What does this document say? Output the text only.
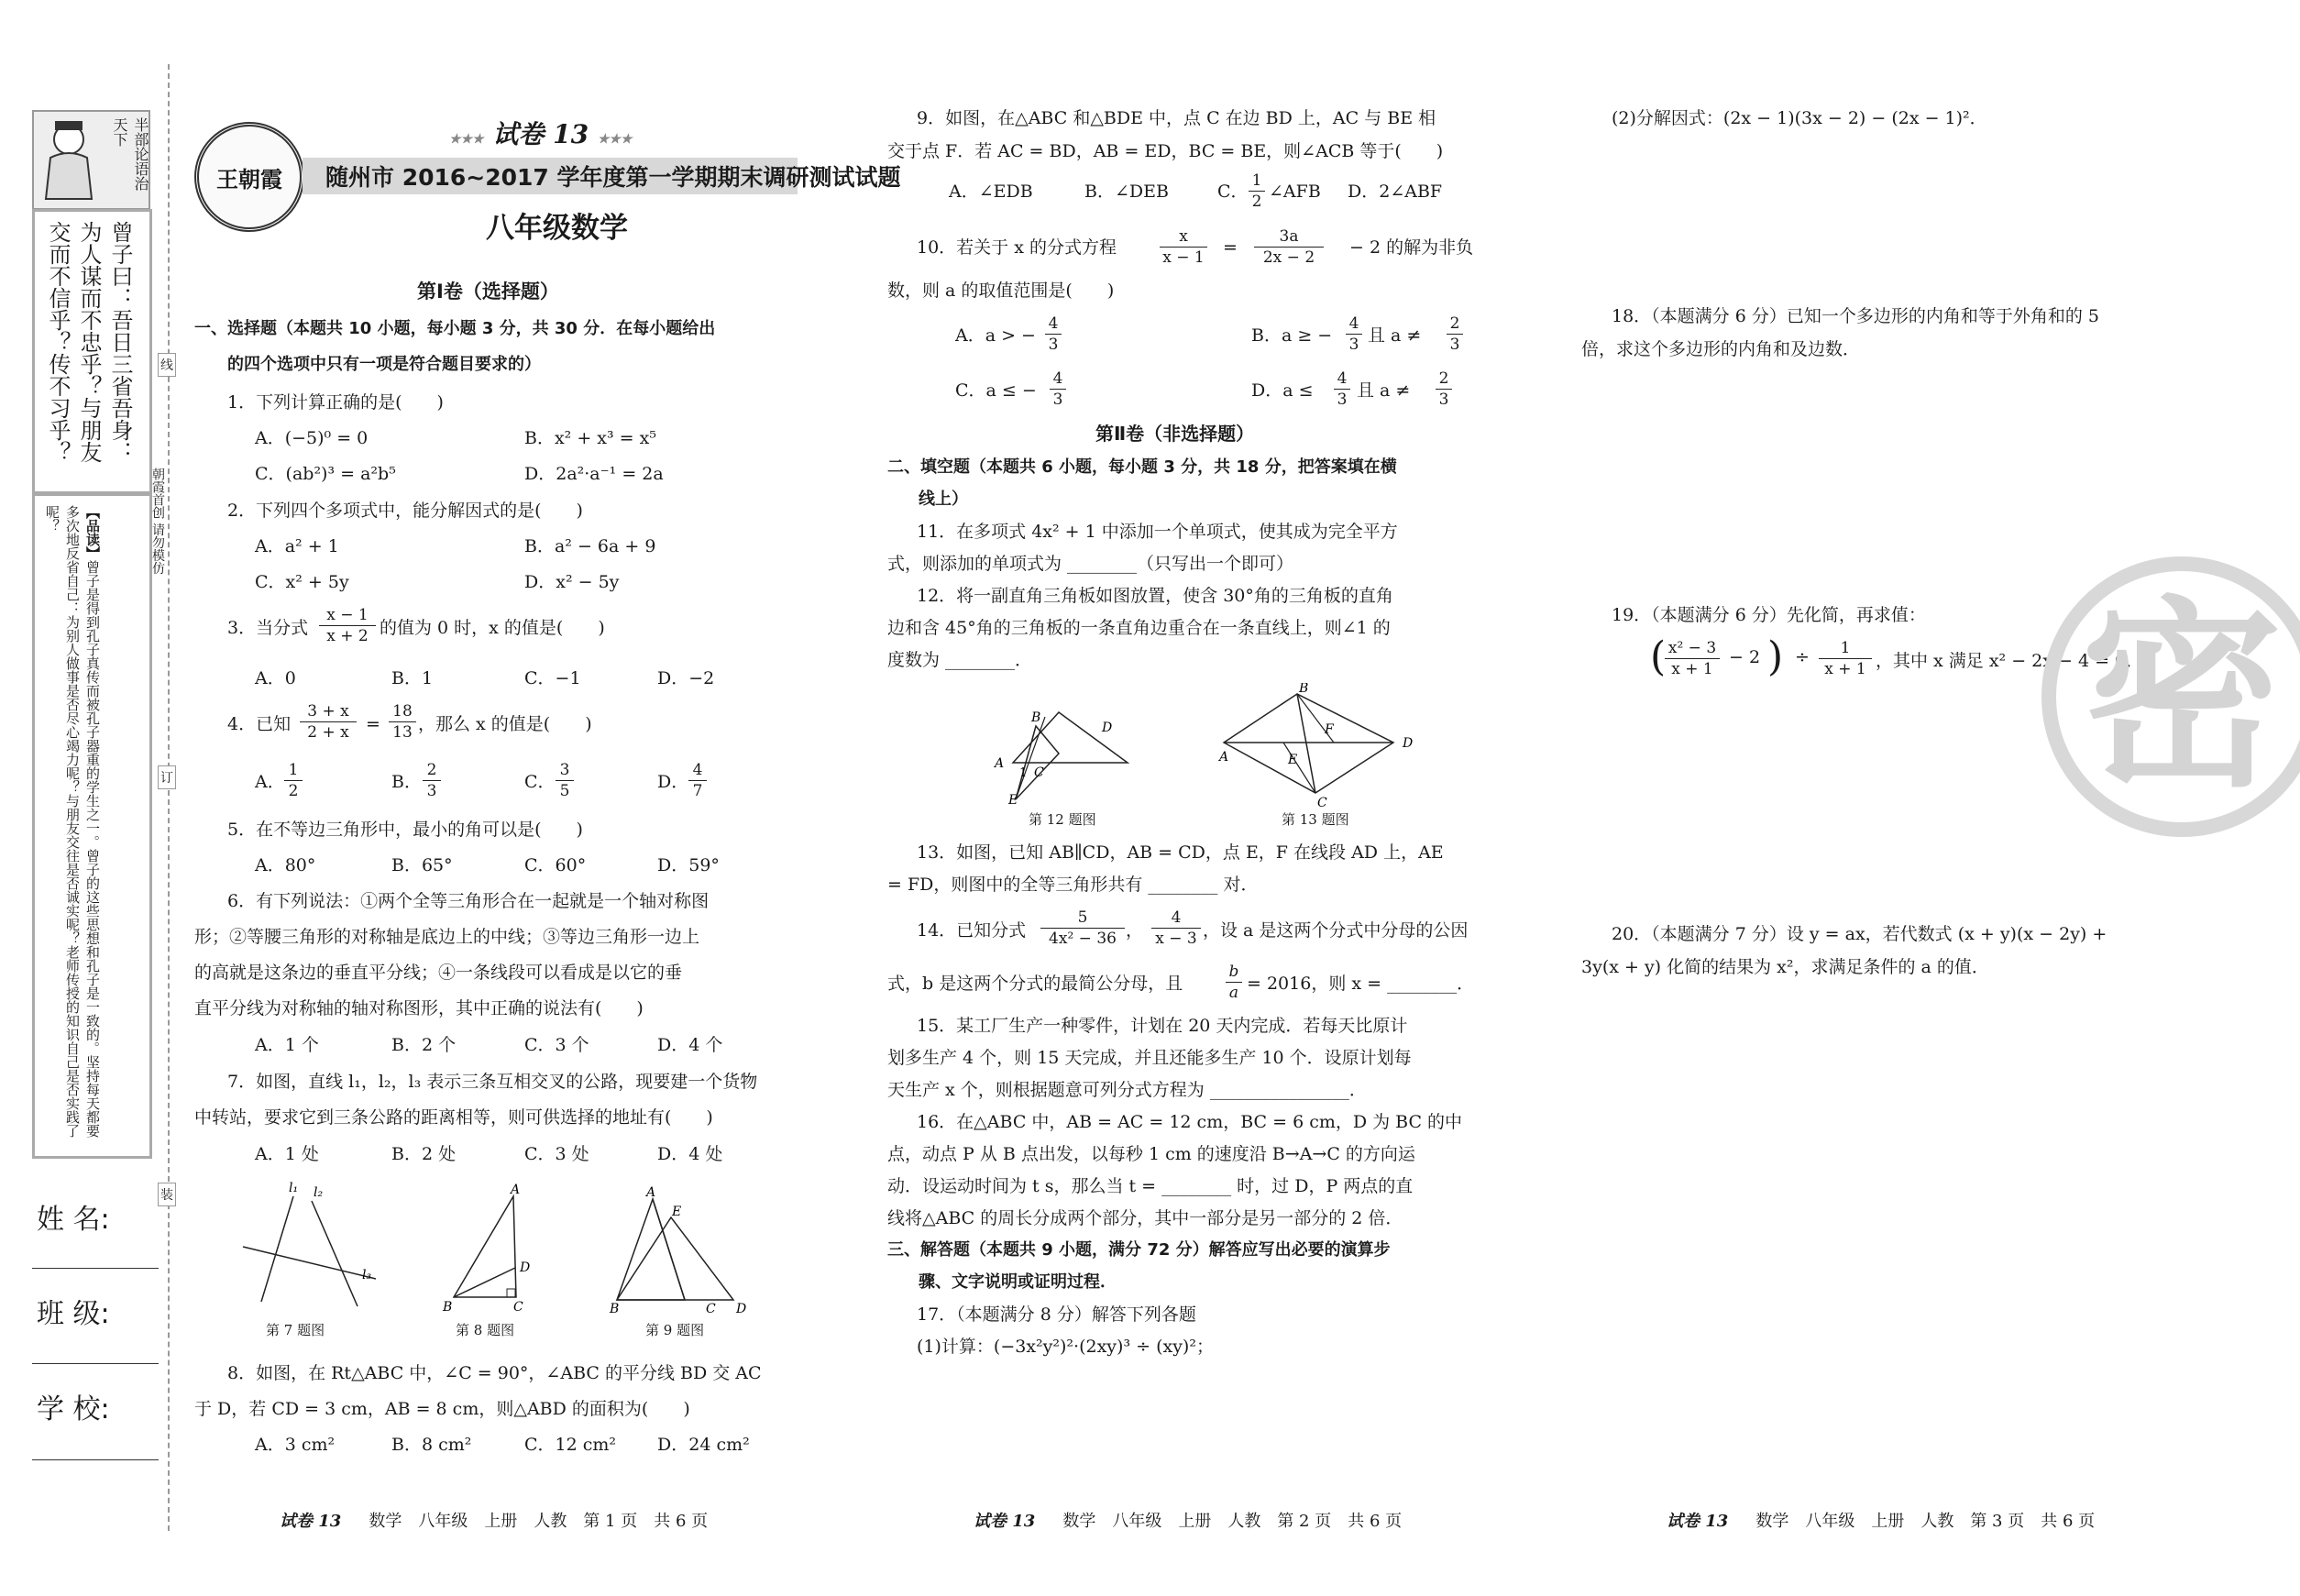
半部论语治天下
曾子曰：吾日三省吾身：为人谋而不忠乎？与朋友交而不信乎？传不习乎？
【品读】曾子是得到孔子真传而被孔子器重的学生之一。曾子的这些思想和孔子是一致的。坚持每天都要多次地反省自己：为别人做事是否尽心竭力呢？与朋友交往是否诚实呢？老师传授的知识自己是否实践了呢？
线
朝霞首创 请勿模仿
订
装
姓 名:
班 级:
学 校:
王朝霞
★★★ 试卷 13 ★★★
随州市 2016~2017 学年度第一学期期末调研测试试题
八年级数学
第Ⅰ卷（选择题）
一、选择题（本题共 10 小题，每小题 3 分，共 30 分．在每小题给出
的四个选项中只有一项是符合题目要求的）
1．下列计算正确的是(　　)
A．(−5)⁰ = 0	B．x² + x³ = x⁵
C．(ab²)³ = a²b⁵	D．2a²·a⁻¹ = 2a
2．下列四个多项式中，能分解因式的是(　　)
A．a² + 1	B．a² − 6a + 9
C．x² + 5y	D．x² − 5y
3．当分式 $\frac{x - 1}{x + 2}$ 的值为 0 时，x 的值是(　　)
A．0	B．1	C．−1	D．−2
4．已知 $\frac{3 + x}{2 + x} = \frac{18}{13}$ ，那么 x 的值是(　　)
A． $\frac{1}{2}$	B． $\frac{2}{3}$	C． $\frac{3}{5}$	D． $\frac{4}{7}$
5．在不等边三角形中，最小的角可以是(　　)
A．80°	B．65°	C．60°	D．59°
6．有下列说法：①两个全等三角形合在一起就是一个轴对称图
形；②等腰三角形的对称轴是底边上的中线；③等边三角形一边上
的高就是这条边的垂直平分线；④一条线段可以看成是以它的垂
直平分线为对称轴的轴对称图形，其中正确的说法有(　　)
A．1 个	B．2 个	C．3 个	D．4 个
7．如图，直线 l₁，l₂，l₃ 表示三条互相交叉的公路，现要建一个货物
中转站，要求它到三条公路的距离相等，则可供选择的地址有(　　)
A．1 处	B．2 处	C．3 处	D．4 处
l₁ l₂
l₃
第 7 题图
A
B	C
D
第 8 题图
A
E
B	C D
第 9 题图
8．如图，在 Rt△ABC 中，∠C = 90°，∠ABC 的平分线 BD 交 AC
于 D，若 CD = 3 cm，AB = 8 cm，则△ABD 的面积为(　　)
A．3 cm²	B．8 cm²	C．12 cm² D．24 cm²
9．如图，在△ABC 和△BDE 中，点 C 在边 BD 上，AC 与 BE 相
交于点 F．若 AC = BD，AB = ED，BC = BE，则∠ACB 等于(　　)
A．∠EDB	B．∠DEB	C． $\frac{1}{2}$ ∠AFB D．2∠ABF
10．若关于 x 的分式方程	$\frac{x}{x - 1} = \frac{3a}{2x - 2} - 2$ 的解为非负
数，则 a 的取值范围是(　　)
A．a > − $\frac{4}{3}$	B．a ≥ − $\frac{4}{3}$ 且 $a \ne \frac{2}{3}$
C．a ≤ − $\frac{4}{3}$	D．$a \le \frac{4}{3}$ 且 $a \ne \frac{2}{3}$
第Ⅱ卷（非选择题）
二、填空题（本题共 6 小题，每小题 3 分，共 18 分，把答案填在横
线上）
11．在多项式 4x² + 1 中添加一个单项式，使其成为完全平方
式，则添加的单项式为 ________（只写出一个即可）
12．将一副直角三角板如图放置，使含 30°角的三角板的直角
边和含 45°角的三角板的一条直角边重合在一条直线上，则∠1 的
度数为 ________．
B
D
A
1 C
E
第 12 题图
B
F
D
A	E
C
第 13 题图
13．如图，已知 AB∥CD，AB = CD，点 E，F 在线段 AD 上，AE
= FD，则图中的全等三角形共有 ________ 对．
14．已知分式 $\frac{5}{\text{4x² − 36}}$ ， $\frac{4}{x - 3}$ ，设 a 是这两个分式中分母的公因
式，b 是这两个分式的最简公分母，且	$\frac{b}{a} = 2016$，则 x = ________．
15．某工厂生产一种零件，计划在 20 天内完成．若每天比原计
划多生产 4 个，则 15 天完成，并且还能多生产 10 个．设原计划每
天生产 x 个，则根据题意可列分式方程为 ________________．
16．在△ABC 中，AB = AC = 12 cm，BC = 6 cm，D 为 BC 的中
点，动点 P 从 B 点出发，以每秒 1 cm 的速度沿 B→A→C 的方向运
动．设运动时间为 t s，那么当 t = ________ 时，过 D，P 两点的直
线将△ABC 的周长分成两个部分，其中一部分是另一部分的 2 倍．
三、解答题（本题共 9 小题，满分 72 分）解答应写出必要的演算步
骤、文字说明或证明过程．
17．（本题满分 8 分）解答下列各题
(1)计算：(−3x²y²)²·(2xy)³ ÷ (xy)²；
(2)分解因式：(2x − 1)(3x − 2) − (2x − 1)²．
18．（本题满分 6 分）已知一个多边形的内角和等于外角和的 5
倍，求这个多边形的内角和及边数．
19．（本题满分 6 分）先化简，再求值：
(
$\frac{\text{x² − 3}}{x + 1} - 2$ ) ÷ $\frac{1}{x + 1}$ ，其中 x 满足 x² − 2x − 4 = 0．
20．（本题满分 7 分）设 y = ax，若代数式 (x + y)(x − 2y) +
3y(x + y) 化简的结果为 x²，求满足条件的 a 的值．
密
试卷 13 数学　八年级　上册　人教　第 1 页　共 6 页	试卷 13 数学　八年级　上册　人教　第 2 页　共 6 页	试卷 13 数学　八年级　上册　人教　第 3 页　共 6 页
